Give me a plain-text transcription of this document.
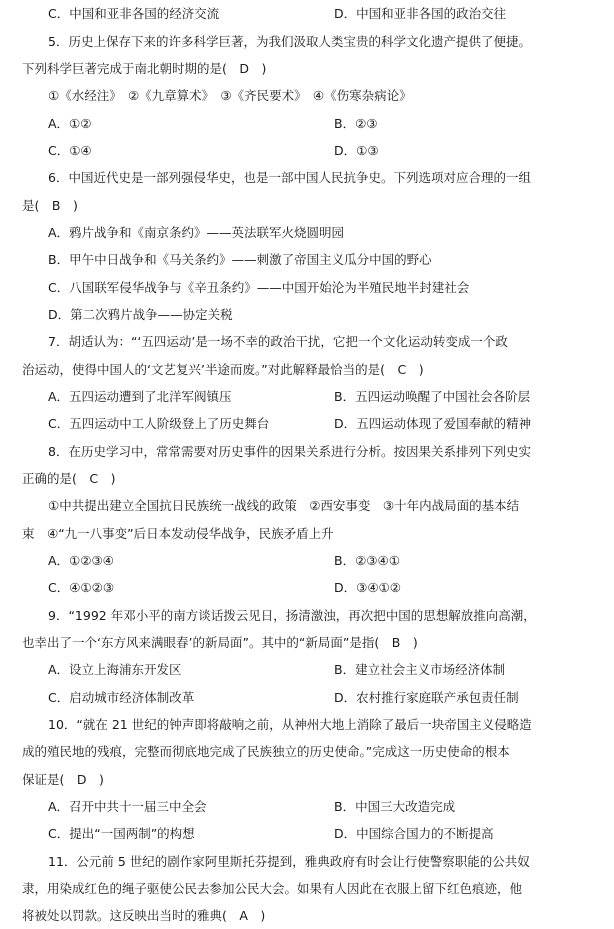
C．中国和亚非各国的经济交流	D．中国和亚非各国的政治交往
5．历史上保存下来的许多科学巨著，为我们汲取人类宝贵的科学文化遗产提供了便捷。
下列科学巨著完成于南北朝时期的是(　D　)
①《水经注》　②《九章算术》　③《齐民要术》　④《伤寒杂病论》
A．①②	B．②③
C．①④	D．①③
6．中国近代史是一部列强侵华史，也是一部中国人民抗争史。下列选项对应合理的一组
是(　B　)
A．鸦片战争和《南京条约》——英法联军火烧圆明园
B．甲午中日战争和《马关条约》——刺激了帝国主义瓜分中国的野心
C．八国联军侵华战争与《辛丑条约》——中国开始沦为半殖民地半封建社会
D．第二次鸦片战争——协定关税
7．胡适认为：“‘五四运动’是一场不幸的政治干扰，它把一个文化运动转变成一个政
治运动，使得中国人的‘文艺复兴’半途而废。”对此解释最恰当的是(　C　)
A．五四运动遭到了北洋军阀镇压	B．五四运动唤醒了中国社会各阶层
C．五四运动中工人阶级登上了历史舞台	D．五四运动体现了爱国奉献的精神
8．在历史学习中，常常需要对历史事件的因果关系进行分析。按因果关系排列下列史实
正确的是(　C　)
①中共提出建立全国抗日民族统一战线的政策　②西安事变　③十年内战局面的基本结
束　④“九一八事变”后日本发动侵华战争，民族矛盾上升
A．①②③④	B．②③④①
C．④①②③	D．③④①②
9．“1992 年邓小平的南方谈话拨云见日，扬清激浊，再次把中国的思想解放推向高潮，
也幸出了一个‘东方风来满眼春’的新局面”。其中的“新局面”是指(　B　)
A．设立上海浦东开发区	B．建立社会主义市场经济体制
C．启动城市经济体制改革	D．农村推行家庭联产承包责任制
10．“就在 21 世纪的钟声即将敲响之前，从神州大地上消除了最后一块帝国主义侵略造
成的殖民地的残痕，完整而彻底地完成了民族独立的历史使命。”完成这一历史使命的根本
保证是(　D　)
A．召开中共十一届三中全会	B．中国三大改造完成
C．提出“一国两制”的构想	D．中国综合国力的不断提高
11．公元前 5 世纪的剧作家阿里斯托芬提到，雅典政府有时会让行使警察职能的公共奴
隶，用染成红色的绳子驱使公民去参加公民大会。如果有人因此在衣服上留下红色痕迹，他
将被处以罚款。这反映出当时的雅典(　A　)
